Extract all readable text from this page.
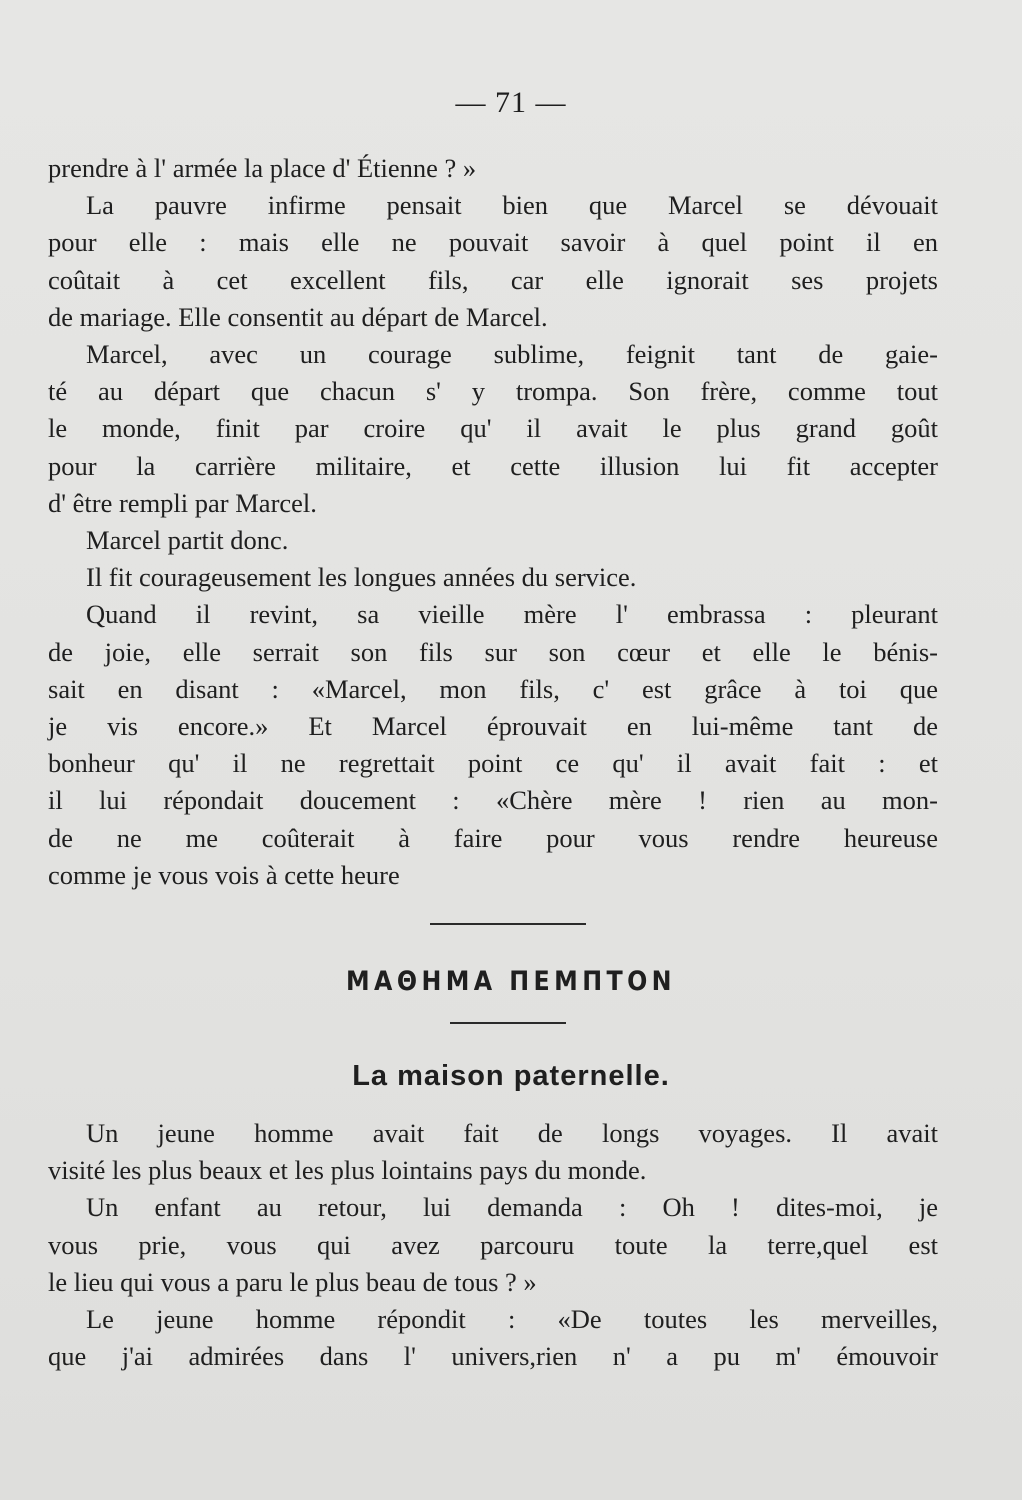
— 71 —
prendre à l' armée la place d' Étienne ? »
La pauvre infirme pensait bien que Marcel se dévouait
pour elle : mais elle ne pouvait savoir à quel point il en
coûtait à cet excellent fils, car elle ignorait ses projets
de mariage. Elle consentit au départ de Marcel.
Marcel, avec un courage sublime, feignit tant de gaie-
té au départ que chacun s' y trompa. Son frère, comme tout
le monde, finit par croire qu' il avait le plus grand goût
pour la carrière militaire, et cette illusion lui fit accepter
d' être rempli par Marcel.
Marcel partit donc.
Il fit courageusement les longues années du service.
Quand il revint, sa vieille mère l' embrassa : pleurant
de joie, elle serrait son fils sur son cœur et elle le bénis-
sait en disant : «Marcel, mon fils, c' est grâce à toi que
je vis encore.» Et Marcel éprouvait en lui-même tant de
bonheur qu' il ne regrettait point ce qu' il avait fait : et
il lui répondait doucement : «Chère mère ! rien au mon-
de ne me coûterait à faire pour vous rendre heureuse
comme je vous vois à cette heure
ΜΑΘΗΜΑ ΠΕΜΠΤΟΝ
La maison paternelle.
Un jeune homme avait fait de longs voyages. Il avait
visité les plus beaux et les plus lointains pays du monde.
Un enfant au retour, lui demanda : Oh ! dites-moi, je
vous prie, vous qui avez parcouru toute la terre,quel est
le lieu qui vous a paru le plus beau de tous ? »
Le jeune homme répondit : «De toutes les merveilles,
que j'ai admirées dans l' univers,rien n' a pu m' émouvoir
